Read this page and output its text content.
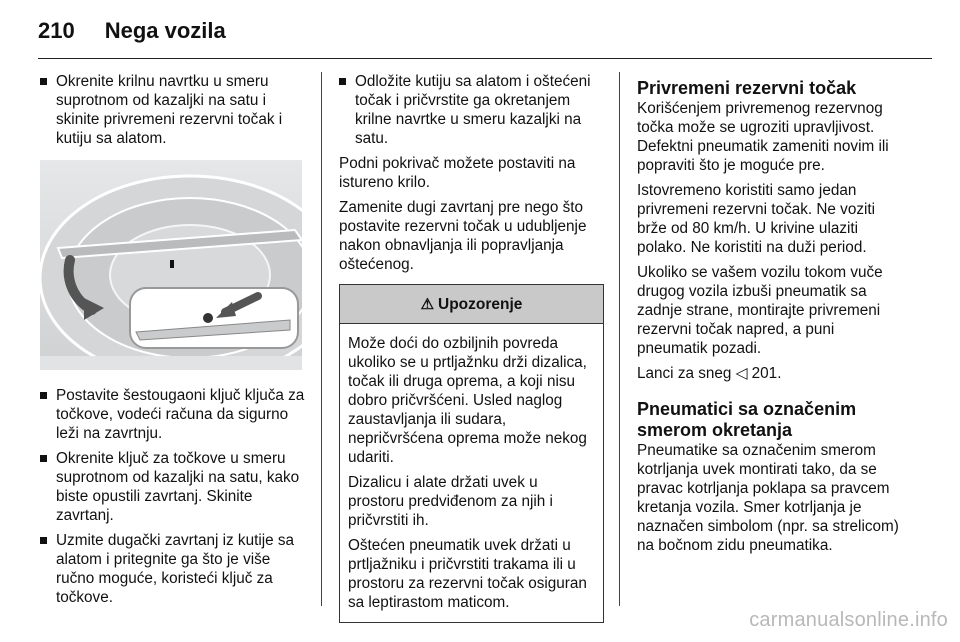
210 Nega vozila
Okrenite krilnu navrtku u smeru suprotnom od kazaljki na satu i skinite privremeni rezervni točak i kutiju sa alatom.
Postavite šestougaoni ključ ključa za točkove, vodeći računa da sigurno leži na zavrtnju.
Okrenite ključ za točkove u smeru suprotnom od kazaljki na satu, kako biste opustili zavrtanj. Skinite zavrtanj.
Uzmite dugački zavrtanj iz kutije sa alatom i pritegnite ga što je više ručno moguće, koristeći ključ za točkove.
Odložite kutiju sa alatom i oštećeni točak i pričvrstite ga okretanjem krilne navrtke u smeru kazaljki na satu.

Podni pokrivač možete postaviti na istureno krilo.

Zamenite dugi zavrtanj pre nego što postavite rezervni točak u udubljenje nakon obnavljanja ili popravljanja oštećenog.

⚠ Upozorenje

Može doći do ozbiljnih povreda ukoliko se u prtljažnku drži dizalica, točak ili druga oprema, a koji nisu dobro pričvršćeni. Usled naglog zaustavljanja ili sudara, nepričvršćena oprema može nekog udariti.

Dizalicu i alate držati uvek u prostoru predviđenom za njih i pričvrstiti ih.

Oštećen pneumatik uvek držati u prtljažniku i pričvrstiti trakama ili u prostoru za rezervni točak osiguran sa leptirastom maticom.

Privremeni rezervni točak

Korišćenjem privremenog rezervnog točka može se ugroziti upravljivost. Defektni pneumatik zameniti novim ili popraviti što je moguće pre.

Istovremeno koristiti samo jedan privremeni rezervni točak. Ne voziti brže od 80 km/h. U krivine ulaziti polako. Ne koristiti na duži period.

Ukoliko se vašem vozilu tokom vuče drugog vozila izbuši pneumatik sa zadnje strane, montirajte privremeni rezervni točak napred, a puni pneumatik pozadi.

Lanci za sneg ◁ 201.

Pneumatici sa označenim smerom okretanja

Pneumatike sa označenim smerom kotrljanja uvek montirati tako, da se pravac kotrljanja poklapa sa pravcem kretanja vozila. Smer kotrljanja je naznačen simbolom (npr. sa strelicom) na bočnom zidu pneumatika.

carmanualsonline.info
